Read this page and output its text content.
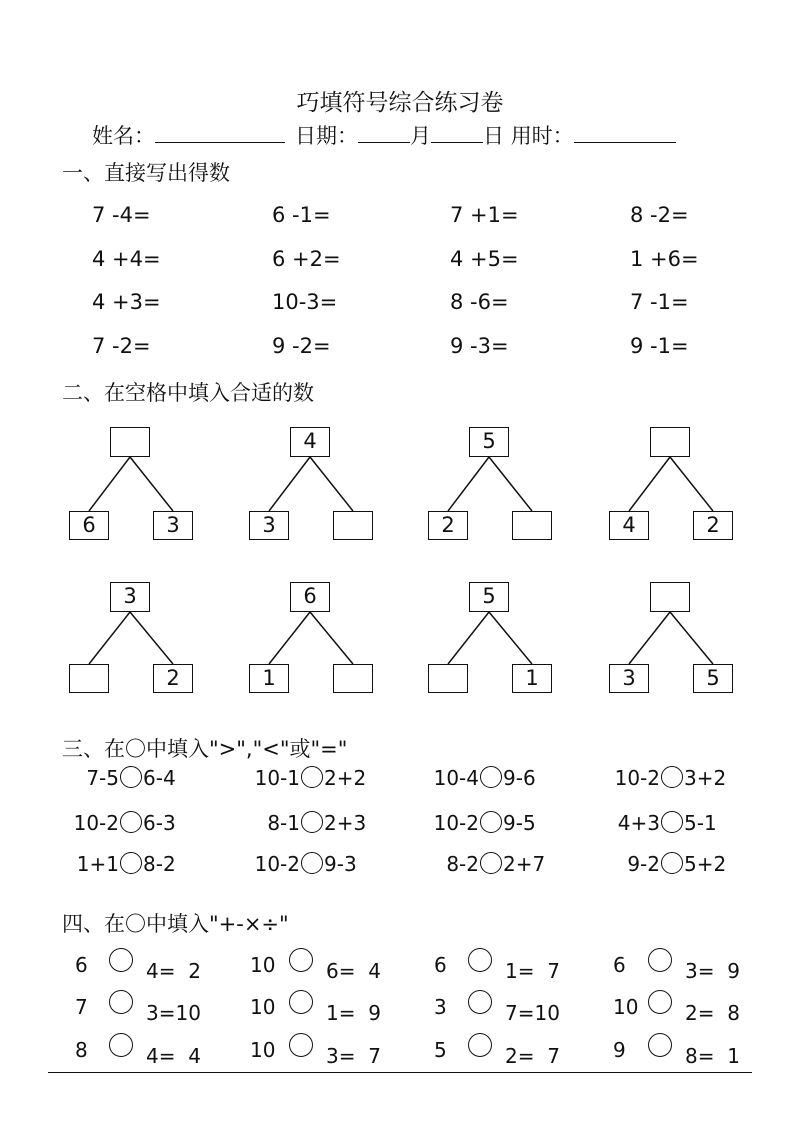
巧填符号综合练习卷
姓名：	日期： 月 日 用时：
一、直接写出得数
7 -4=	6 -1=	7 +1=	8 -2=
4 +4=	6 +2=	4 +5=	1 +6=
4 +3=	10-3=	8 -6=	7 -1=
7 -2=	9 -2=	9 -3=	9 -1=
二、在空格中填入合适的数
6	3
4
3
5
2	4	2
3
2
6
1
5
1	3	5
三、在〇中填入">","<"或"="
7-5	6-4	10-1	2+2	10-4	9-6	10-2	3+2
10-2	6-3	8-1	2+3	10-2	9-5	4+3	5-1
1+1	8-2	10-2	9-3	8-2	2+7	9-2	5+2
四、在〇中填入"+-×÷"
6	4=  2 10	6=  4	6	1=  7	6	3=  9
7	3=10 10	1=  9	3	7=10	10	2=  8
8	4=  4 10	3=  7	5	2=  7	9	8=  1
